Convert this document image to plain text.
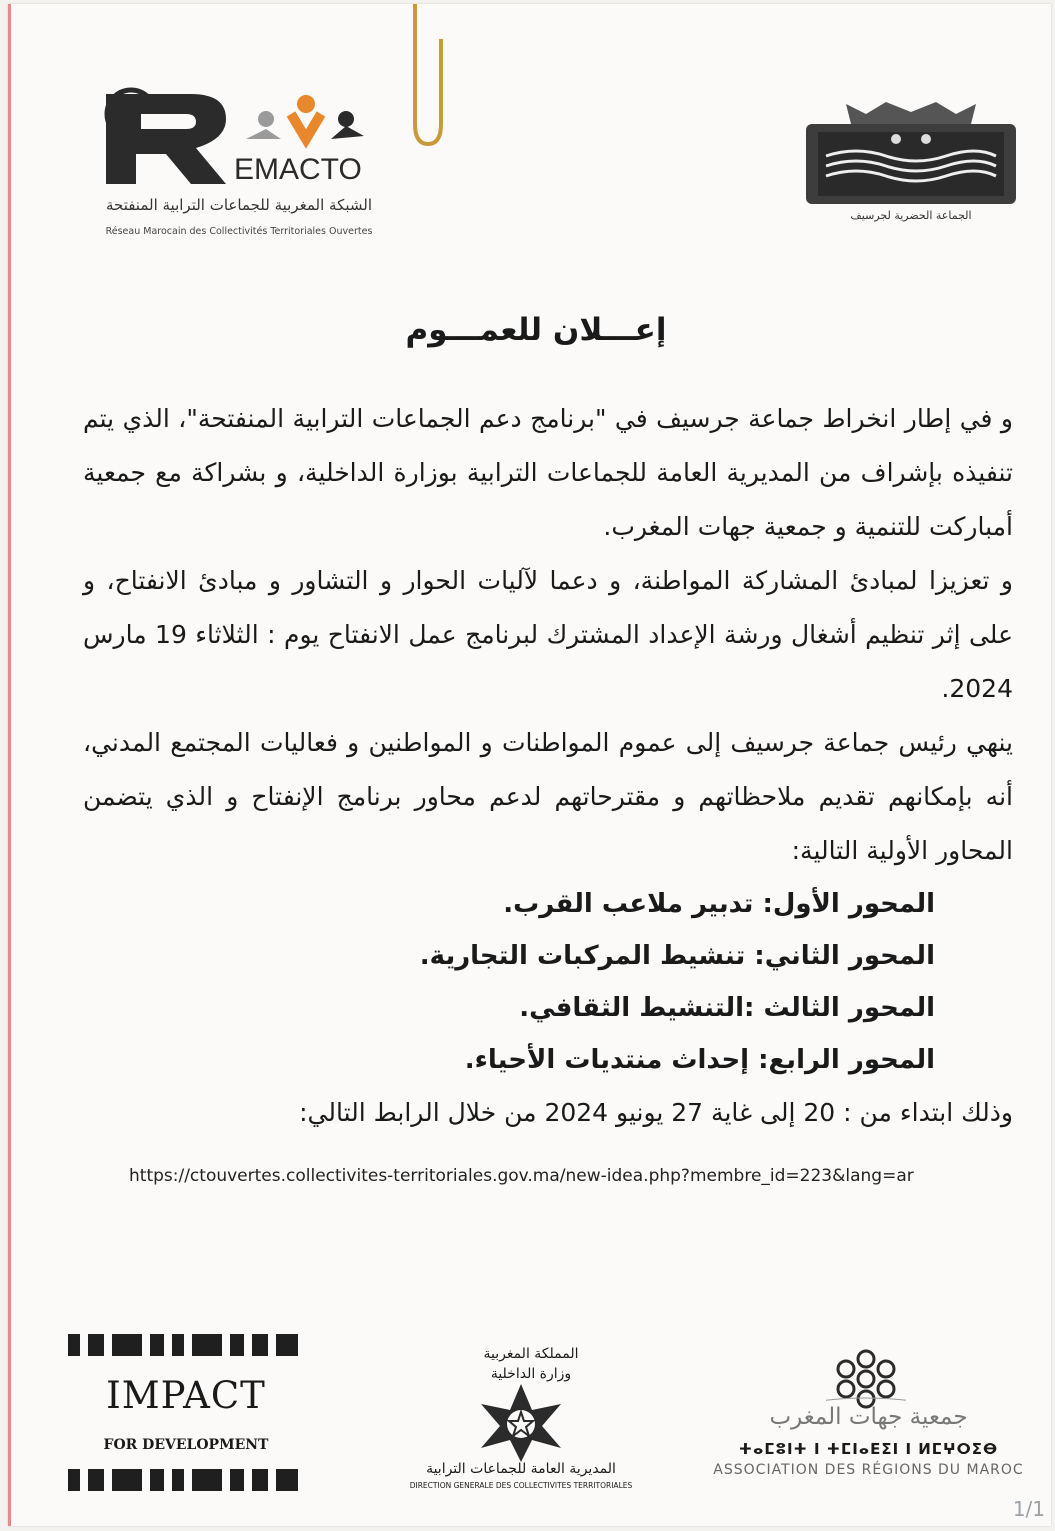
EMACTO
الشبكة المغربية للجماعات الترابية المنفتحة
Réseau Marocain des Collectivités Territoriales Ouvertes
الجماعة الحضرية لجرسيف
إعـــلان للعمـــوم

و في إطار انخراط جماعة جرسيف في "برنامج دعم الجماعات الترابية المنفتحة"، الذي يتم تنفيذه بإشراف من المديرية العامة للجماعات الترابية بوزارة الداخلية، و بشراكة مع جمعية أمباركت للتنمية و جمعية جهات المغرب.

و تعزيزا لمبادئ المشاركة المواطنة، و دعما لآليات الحوار و التشاور و مبادئ الانفتاح، و على إثر تنظيم أشغال ورشة الإعداد المشترك لبرنامج عمل الانفتاح يوم : الثلاثاء 19 مارس 2024.

ينهي رئيس جماعة جرسيف إلى عموم المواطنات و المواطنين و فعاليات المجتمع المدني، أنه بإمكانهم تقديم ملاحظاتهم و مقترحاتهم لدعم محاور برنامج الإنفتاح و الذي يتضمن المحاور الأولية التالية:

المحور الأول: تدبير ملاعب القرب.

المحور الثاني: تنشيط المركبات التجارية.

المحور الثالث :التنشيط الثقافي.

المحور الرابع: إحداث منتديات الأحياء.

وذلك ابتداء من : 20 إلى غاية 27 يونيو 2024 من خلال الرابط التالي:

https://ctouvertes.collectivites-territoriales.gov.ma/new-idea.php?membre_id=223&lang=ar
IMPACT
FOR DEVELOPMENT
المملكة المغربية
وزارة الداخلية
المديرية العامة للجماعات الترابية
DIRECTION GENERALE DES COLLECTIVITES TERRITORIALES
جمعية جهات المغرب
ⵜⴰⵎⵓⵏⵜ ⵏ ⵜⵎⵏⴰⴹⵉⵏ ⵏ ⵍⵎⵖⵔⵉⴱ
ASSOCIATION DES RÉGIONS DU MAROC
1/1
